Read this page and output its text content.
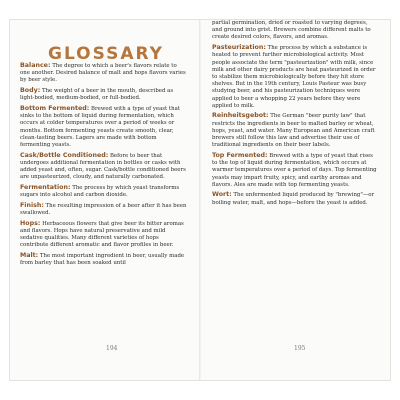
GLOSSARY

Balance: The degree to which a beer's flavors relate to one another. Desired balance of malt and hops flavors varies by beer style.

Body: The weight of a beer in the mouth, described as light-bodied, medium-bodied, or full-bodied.

Bottom Fermented: Brewed with a type of yeast that sinks to the bottom of liquid during fermentation, which occurs at colder temperatures over a period of weeks or months. Bottom fermenting yeasts create smooth, clear, clean-tasting beers. Lagers are made with bottom fermenting yeasts.

Cask/Bottle Conditioned: Before to beer that undergoes additional fermentation in bottles or casks with added yeast and, often, sugar. Cask/bottle conditioned beers are unpasteurized, cloudy, and naturally carbonated.

Fermentation: The process by which yeast transforms sugars into alcohol and carbon dioxide.

Finish: The resulting impression of a beer after it has been swallowed.

Hops: Herbaceous flowers that give beer its bitter aromas and flavors. Hops have natural preservative and mild sedative qualities. Many different varieties of hops contribute different aromatic and flavor profiles in beer.

Malt: The most important ingredient in beer, usually made from barley that has been soaked until

194

partial germination, dried or roasted to varying degrees, and ground into grist. Brewers combine different malts to create desired colors, flavors, and aromas.

Pasteurization: The process by which a substance is heated to prevent further microbiological activity. Most people associate the term "pasteurization" with milk, since milk and other dairy products are heat pasteurized in order to stabilize them microbiologically before they hit store shelves. But in the 19th century, Louis Pasteur was busy studying beer, and his pasteurization techniques were applied to beer a whopping 22 years before they were applied to milk.

Reinheitsgebot: The German "beer purity law" that restricts the ingredients in beer to malted barley or wheat, hops, yeast, and water. Many European and American craft brewers still follow this law and advertise their use of traditional ingredients on their beer labels.

Top Fermented: Brewed with a type of yeast that rises to the top of liquid during fermentation, which occurs at warmer temperatures over a period of days. Top fermenting yeasts may impart fruity, spicy, and earthy aromas and flavors. Ales are made with top fermenting yeasts.

Wort: The unfermented liquid produced by "brewing"—or boiling water, malt, and hops—before the yeast is added.

195
